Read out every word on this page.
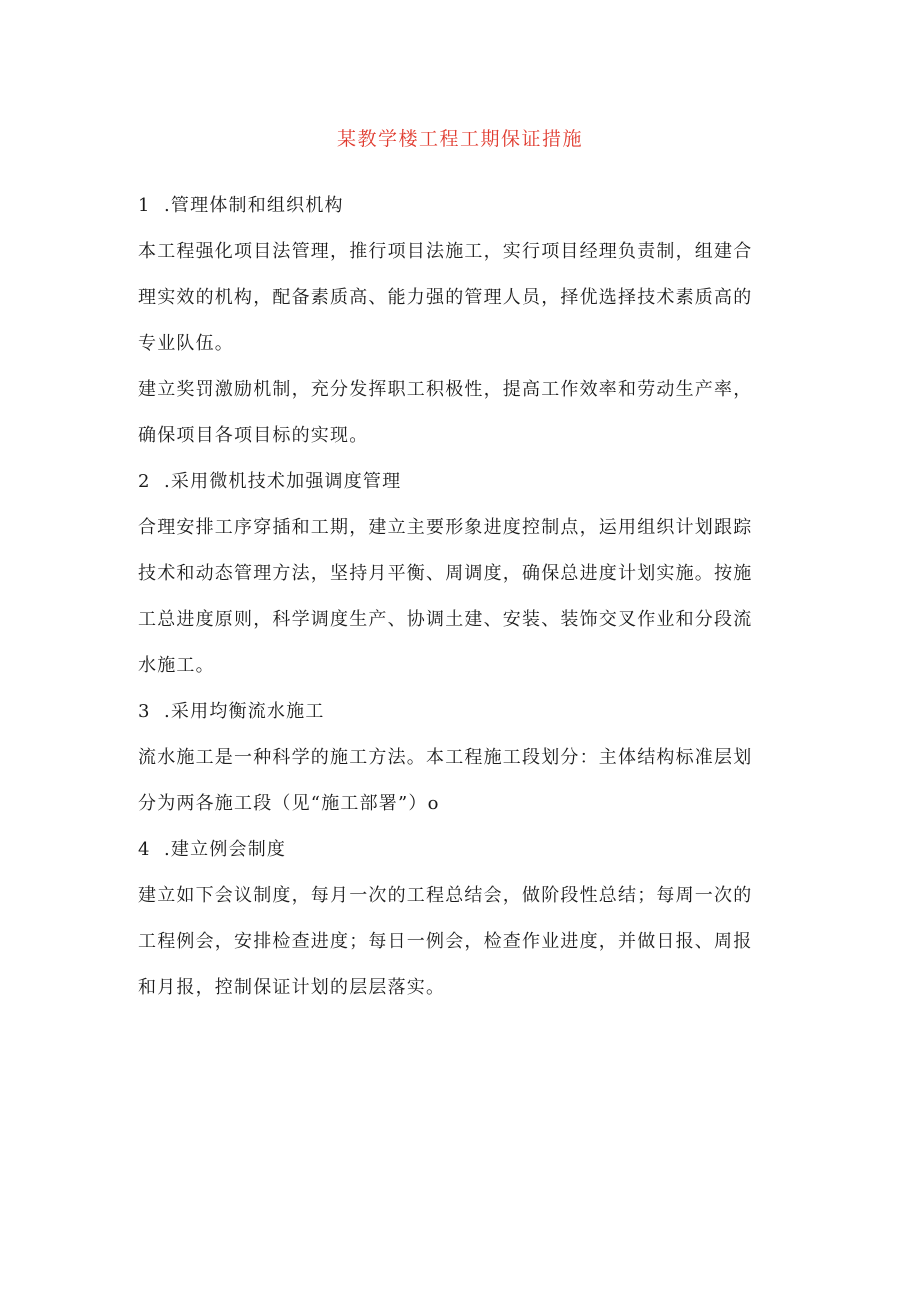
某教学楼工程工期保证措施
1 .管理体制和组织机构

本工程强化项目法管理，推行项目法施工，实行项目经理负责制，组建合
理实效的机构，配备素质高、能力强的管理人员，择优选择技术素质高的
专业队伍。

建立奖罚激励机制，充分发挥职工积极性，提高工作效率和劳动生产率，
确保项目各项目标的实现。

2 .采用微机技术加强调度管理

合理安排工序穿插和工期，建立主要形象进度控制点，运用组织计划跟踪
技术和动态管理方法，坚持月平衡、周调度，确保总进度计划实施。按施
工总进度原则，科学调度生产、协调土建、安装、装饰交叉作业和分段流
水施工。

3 .采用均衡流水施工

流水施工是一种科学的施工方法。本工程施工段划分：主体结构标准层划
分为两各施工段（见“施工部署”）o

4 .建立例会制度

建立如下会议制度，每月一次的工程总结会，做阶段性总结；每周一次的
工程例会，安排检查进度；每日一例会，检查作业进度，并做日报、周报
和月报，控制保证计划的层层落实。
